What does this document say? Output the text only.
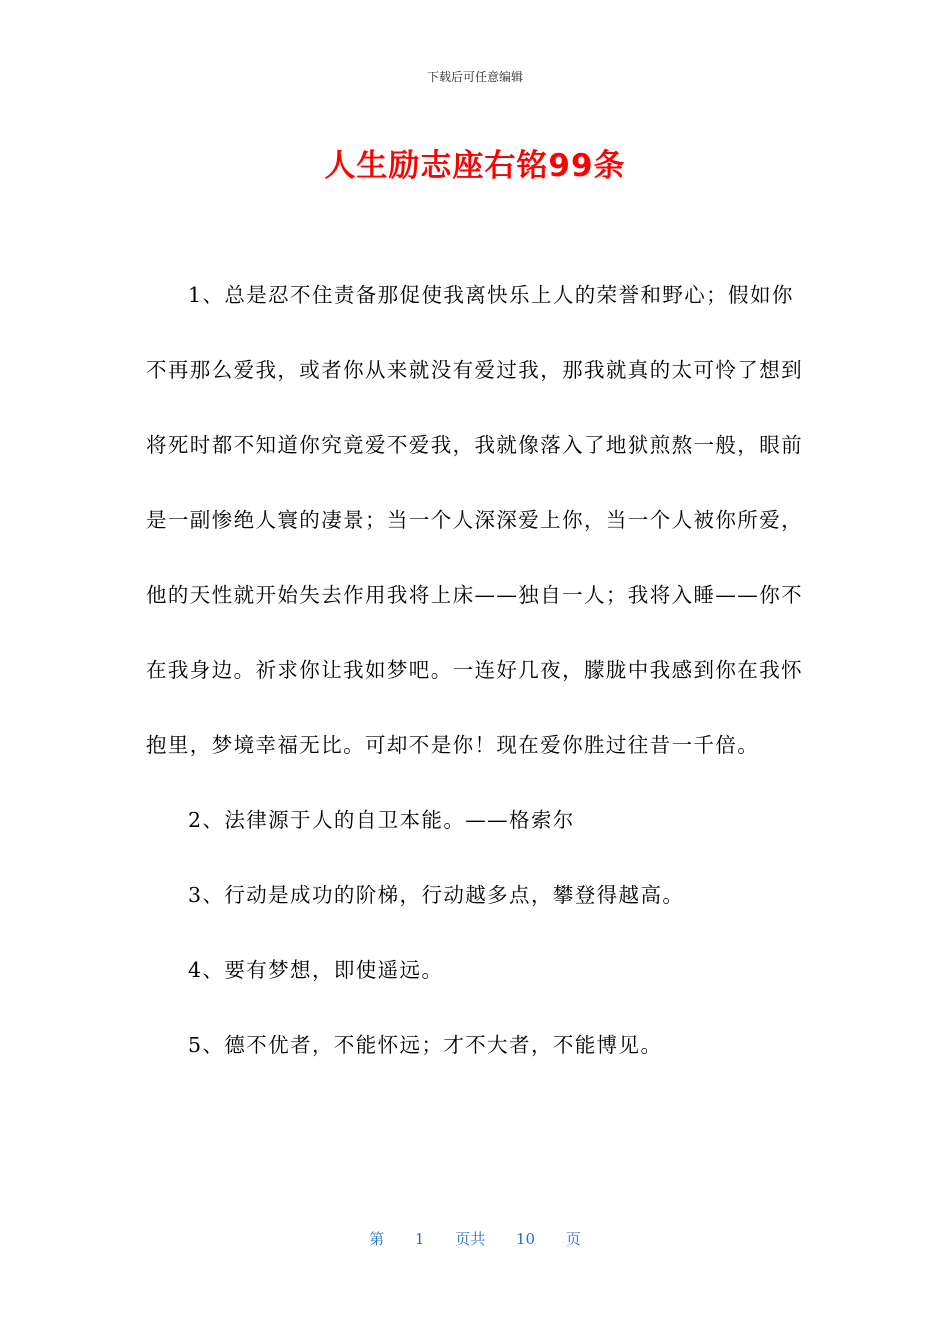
下载后可任意编辑
人生励志座右铭99条

1、总是忍不住责备那促使我离快乐上人的荣誉和野心；假如你不再那么爱我，或者你从来就没有爱过我，那我就真的太可怜了想到将死时都不知道你究竟爱不爱我，我就像落入了地狱煎熬一般，眼前是一副惨绝人寰的凄景；当一个人深深爱上你，当一个人被你所爱，他的天性就开始失去作用我将上床——独自一人；我将入睡——你不在我身边。祈求你让我如梦吧。一连好几夜，朦胧中我感到你在我怀抱里，梦境幸福无比。可却不是你！现在爱你胜过往昔一千倍。

2、法律源于人的自卫本能。——格索尔

3、行动是成功的阶梯，行动越多点，攀登得越高。

4、要有梦想，即使遥远。

5、德不优者，不能怀远；才不大者，不能博见。

第 1 页共 10 页
